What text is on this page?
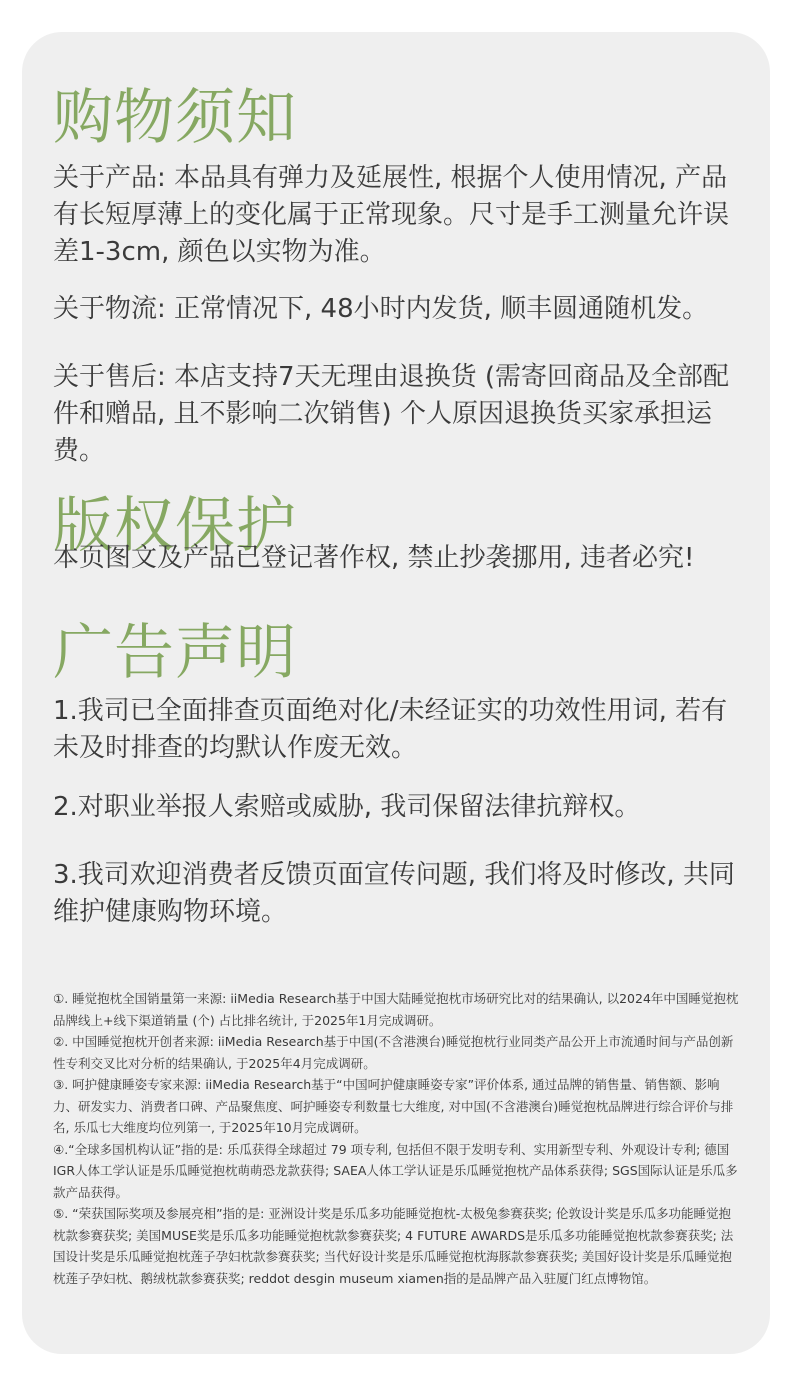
购物须知

关于产品: 本品具有弹力及延展性, 根据个人使用情况, 产品有长短厚薄上的变化属于正常现象。尺寸是手工测量允许误差1-3cm, 颜色以实物为准。

关于物流: 正常情况下, 48小时内发货, 顺丰圆通随机发。

关于售后: 本店支持7天无理由退换货 (需寄回商品及全部配件和赠品, 且不影响二次销售) 个人原因退换货买家承担运费。

版权保护

本页图文及产品已登记著作权, 禁止抄袭挪用, 违者必究!

广告声明

1.我司已全面排查页面绝对化/未经证实的功效性用词, 若有未及时排查的均默认作废无效。

2.对职业举报人索赔或威胁, 我司保留法律抗辩权。

3.我司欢迎消费者反馈页面宣传问题, 我们将及时修改, 共同维护健康购物环境。

①. 睡觉抱枕全国销量第一来源: iiMedia Research基于中国大陆睡觉抱枕市场研究比对的结果确认, 以2024年中国睡觉抱枕品牌线上+线下渠道销量 (个) 占比排名统计, 于2025年1月完成调研。

②. 中国睡觉抱枕开创者来源: iiMedia Research基于中国(不含港澳台)睡觉抱枕行业同类产品公开上市流通时间与产品创新性专利交叉比对分析的结果确认, 于2025年4月完成调研。

③. 呵护健康睡姿专家来源: iiMedia Research基于“中国呵护健康睡姿专家”评价体系, 通过品牌的销售量、销售额、影响力、研发实力、消费者口碑、产品聚焦度、呵护睡姿专利数量七大维度, 对中国(不含港澳台)睡觉抱枕品牌进行综合评价与排名, 乐瓜七大维度均位列第一, 于2025年10月完成调研。

④.“全球多国机构认证”指的是: 乐瓜获得全球超过 79 项专利, 包括但不限于发明专利、实用新型专利、外观设计专利; 德国IGR人体工学认证是乐瓜睡觉抱枕萌萌恐龙款获得; SAEA人体工学认证是乐瓜睡觉抱枕产品体系获得; SGS国际认证是乐瓜多款产品获得。

⑤. “荣获国际奖项及参展亮相”指的是: 亚洲设计奖是乐瓜多功能睡觉抱枕-太极兔参赛获奖; 伦敦设计奖是乐瓜多功能睡觉抱枕款参赛获奖; 美国MUSE奖是乐瓜多功能睡觉抱枕款参赛获奖; 4 FUTURE AWARDS是乐瓜多功能睡觉抱枕款参赛获奖; 法国设计奖是乐瓜睡觉抱枕莲子孕妇枕款参赛获奖; 当代好设计奖是乐瓜睡觉抱枕海豚款参赛获奖; 美国好设计奖是乐瓜睡觉抱枕莲子孕妇枕、鹅绒枕款参赛获奖; reddot desgin museum xiamen指的是品牌产品入驻厦门红点博物馆。
